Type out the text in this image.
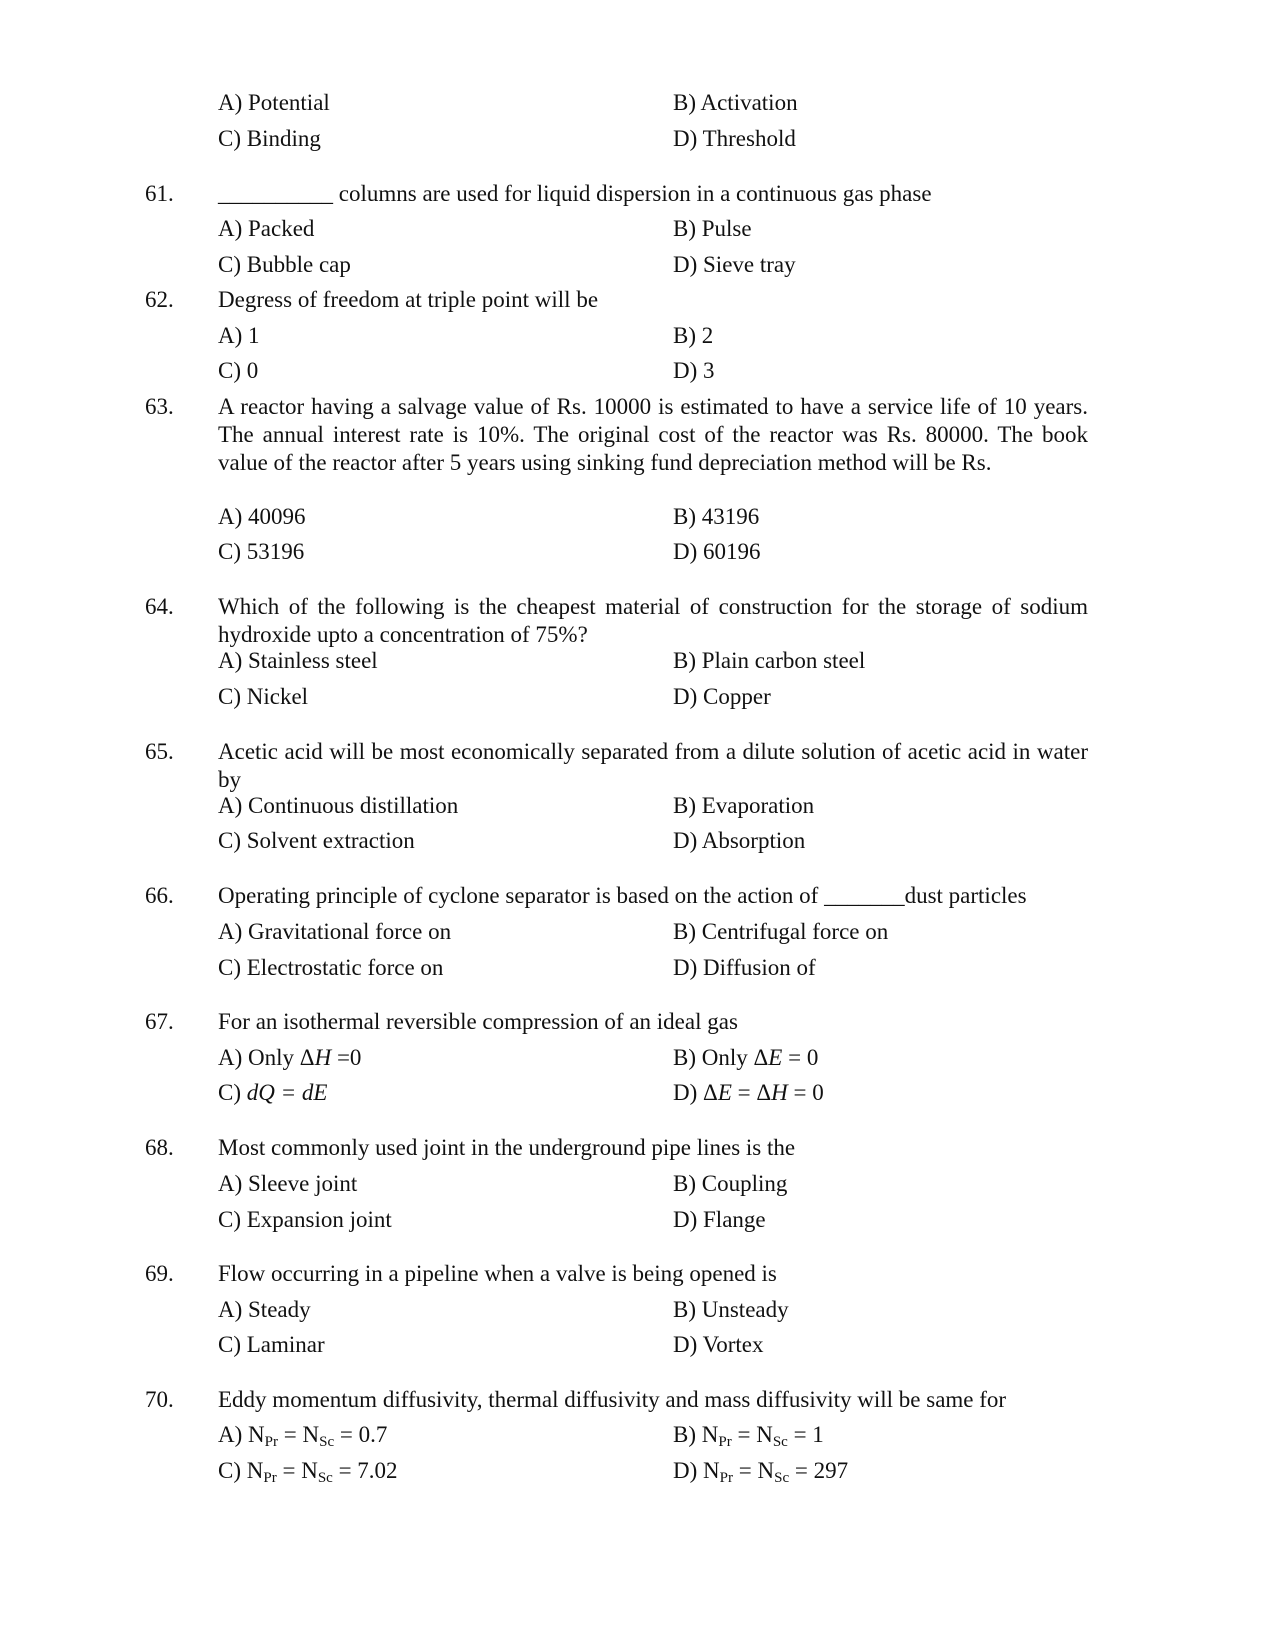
A) Potential	B) Activation
C) Binding	D) Threshold
61. __________ columns are used for liquid dispersion in a continuous gas phase
A) Packed	B) Pulse
C) Bubble cap	D) Sieve tray
62. Degress of freedom at triple point will be
A) 1	B) 2
C) 0	D) 3
63. A reactor having a salvage value of Rs. 10000 is estimated to have a service life of 10 years. The annual interest rate is 10%. The original cost of the reactor was Rs. 80000. The book value of the reactor after 5 years using sinking fund depreciation method will be Rs.
A) 40096	B) 43196
C) 53196	D) 60196
64. Which of the following is the cheapest material of construction for the storage of sodium hydroxide upto a concentration of 75%?
A) Stainless steel	B) Plain carbon steel
C) Nickel	D) Copper
65. Acetic acid will be most economically separated from a dilute solution of acetic acid in water by
A) Continuous distillation	B) Evaporation
C) Solvent extraction	D) Absorption
66. Operating principle of cyclone separator is based on the action of _______dust particles
A) Gravitational force on	B) Centrifugal force on
C) Electrostatic force on	D) Diffusion of
67. For an isothermal reversible compression of an ideal gas
A) Only ΔH =0	B) Only ΔE = 0
C) dQ = dE	D) ΔE = ΔH = 0
68. Most commonly used joint in the underground pipe lines is the
A) Sleeve joint	B) Coupling
C) Expansion joint	D) Flange
69. Flow occurring in a pipeline when a valve is being opened is
A) Steady	B) Unsteady
C) Laminar	D) Vortex
70. Eddy momentum diffusivity, thermal diffusivity and mass diffusivity will be same for
A) $N_{Pr} = N_{Sc} = 0.7$	B) $N_{Pr} = N_{Sc} = 1$
C) $N_{Pr} = N_{Sc} = 7.02$	D) $N_{Pr} = N_{Sc} = 297$
